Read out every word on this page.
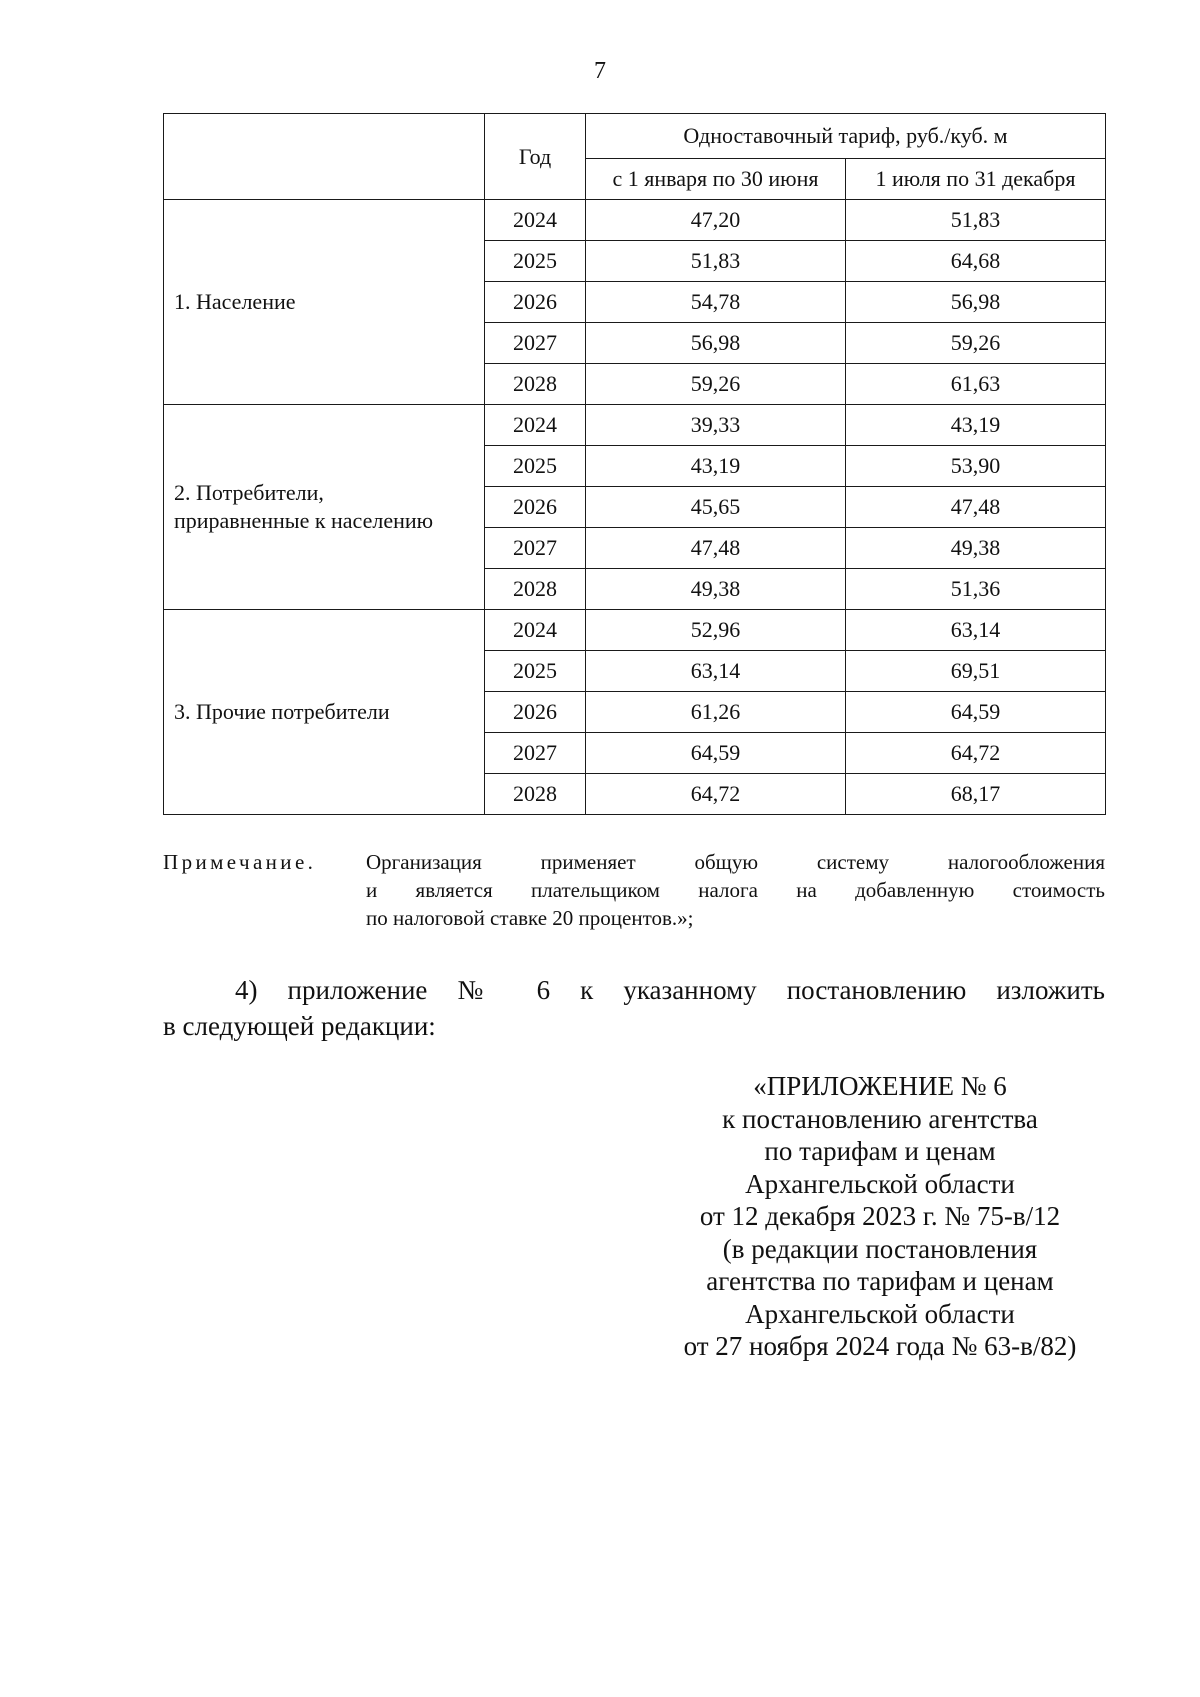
7
	Год	Одноставочный тариф, руб./куб. м	
		с 1 января по 30 июня	1 июля по 31 декабря
1. Население	2024	47,20	51,83
	2025	51,83	64,68
	2026	54,78	56,98
	2027	56,98	59,26
	2028	59,26	61,63
2. Потребители,
приравненные к населению	2024	39,33	43,19
	2025	43,19	53,90
	2026	45,65	47,48
	2027	47,48	49,38
	2028	49,38	51,36
3. Прочие потребители	2024	52,96	63,14
	2025	63,14	69,51
	2026	61,26	64,59
	2027	64,59	64,72
	2028	64,72	68,17
Примечание. Организация применяет общую систему налогообложения
и является плательщиком налога на добавленную стоимость
по налоговой ставке 20 процентов.»;
4) приложение № 6 к указанному постановлению изложить
в следующей редакции:
«ПРИЛОЖЕНИЕ № 6
к постановлению агентства
по тарифам и ценам
Архангельской области
от 12 декабря 2023 г. № 75-в/12
(в редакции постановления
агентства по тарифам и ценам
Архангельской области
от 27 ноября 2024 года № 63-в/82)
